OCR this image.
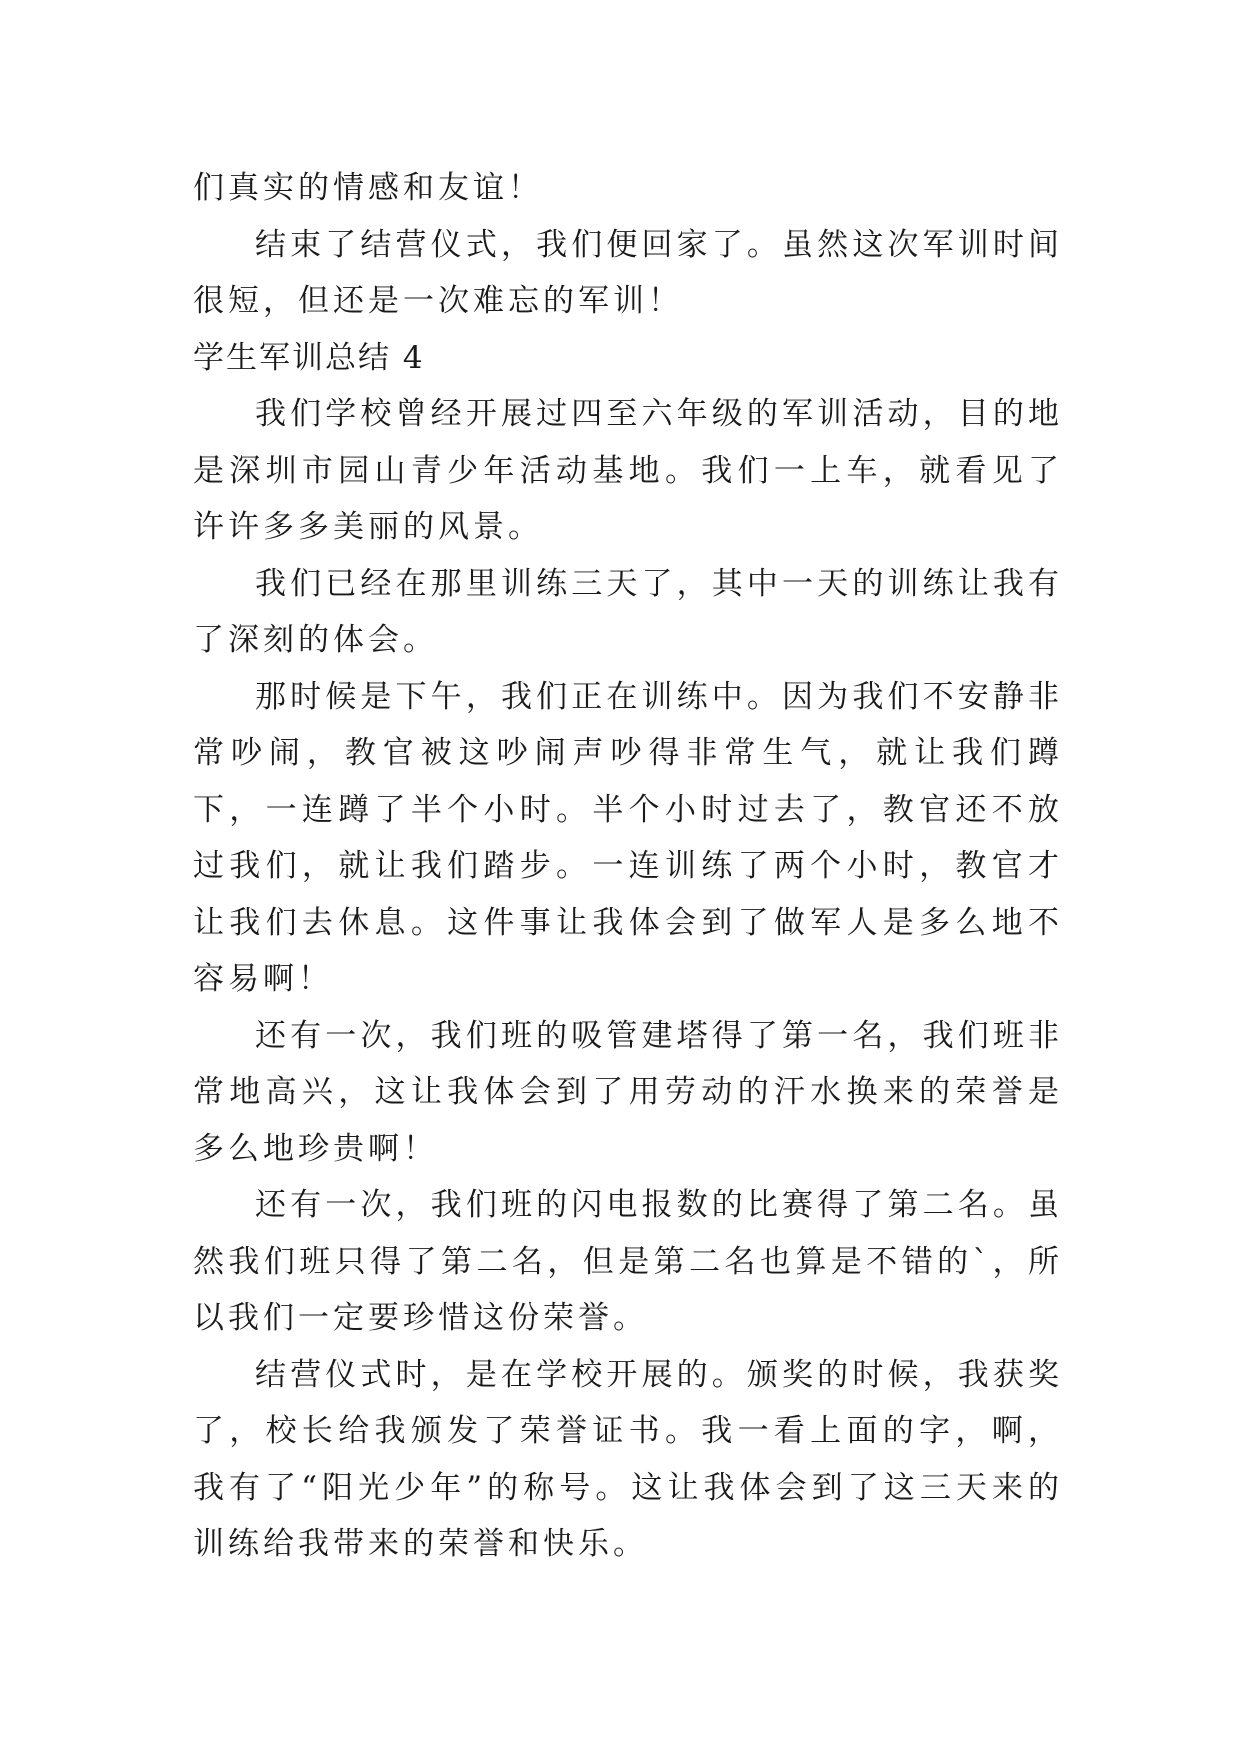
们真实的情感和友谊！

结束了结营仪式，我们便回家了。虽然这次军训时间很短，但还是一次难忘的军训！

学生军训总结 4

我们学校曾经开展过四至六年级的军训活动，目的地是深圳市园山青少年活动基地。我们一上车，就看见了许许多多美丽的风景。

我们已经在那里训练三天了，其中一天的训练让我有了深刻的体会。

那时候是下午，我们正在训练中。因为我们不安静非常吵闹，教官被这吵闹声吵得非常生气，就让我们蹲下，一连蹲了半个小时。半个小时过去了，教官还不放过我们，就让我们踏步。一连训练了两个小时，教官才让我们去休息。这件事让我体会到了做军人是多么地不容易啊！

还有一次，我们班的吸管建塔得了第一名，我们班非常地高兴，这让我体会到了用劳动的汗水换来的荣誉是多么地珍贵啊！

还有一次，我们班的闪电报数的比赛得了第二名。虽然我们班只得了第二名，但是第二名也算是不错的`，所以我们一定要珍惜这份荣誉。

结营仪式时，是在学校开展的。颁奖的时候，我获奖了，校长给我颁发了荣誉证书。我一看上面的字，啊，我有了“阳光少年”的称号。这让我体会到了这三天来的训练给我带来的荣誉和快乐。
